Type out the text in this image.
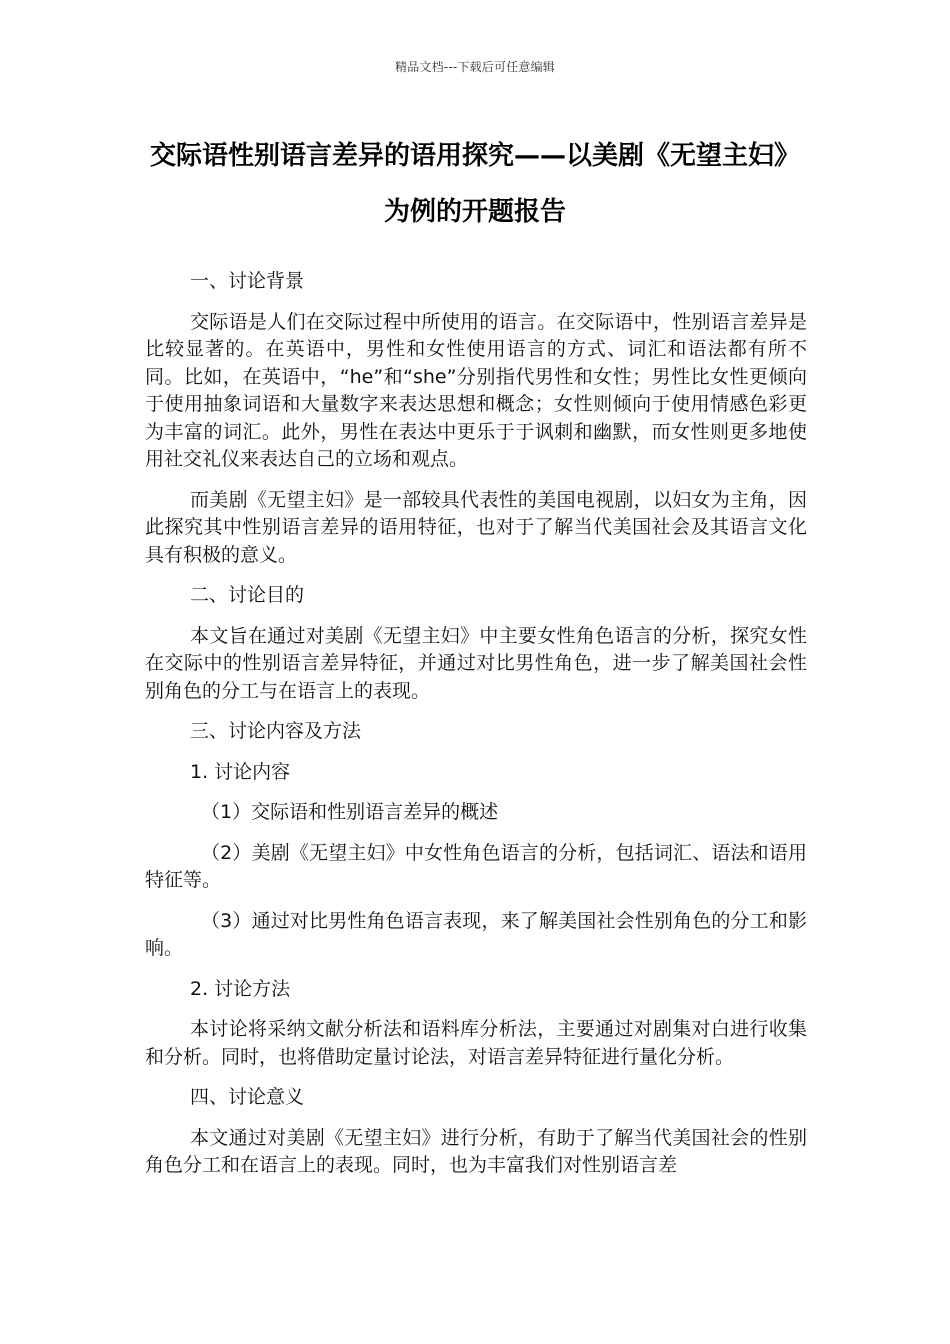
精品文档---下载后可任意编辑
交际语性别语言差异的语用探究——以美剧《无望主妇》为例的开题报告

一、讨论背景

交际语是人们在交际过程中所使用的语言。在交际语中，性别语言差异是比较显著的。在英语中，男性和女性使用语言的方式、词汇和语法都有所不同。比如，在英语中，“he”和“she”分别指代男性和女性；男性比女性更倾向于使用抽象词语和大量数字来表达思想和概念；女性则倾向于使用情感色彩更为丰富的词汇。此外，男性在表达中更乐于于讽刺和幽默，而女性则更多地使用社交礼仪来表达自己的立场和观点。

而美剧《无望主妇》是一部较具代表性的美国电视剧，以妇女为主角，因此探究其中性别语言差异的语用特征，也对于了解当代美国社会及其语言文化具有积极的意义。

二、讨论目的

本文旨在通过对美剧《无望主妇》中主要女性角色语言的分析，探究女性在交际中的性别语言差异特征，并通过对比男性角色，进一步了解美国社会性别角色的分工与在语言上的表现。

三、讨论内容及方法

1. 讨论内容

（1）交际语和性别语言差异的概述

（2）美剧《无望主妇》中女性角色语言的分析，包括词汇、语法和语用特征等。

（3）通过对比男性角色语言表现，来了解美国社会性别角色的分工和影响。

2. 讨论方法

本讨论将采纳文献分析法和语料库分析法，主要通过对剧集对白进行收集和分析。同时，也将借助定量讨论法，对语言差异特征进行量化分析。

四、讨论意义

本文通过对美剧《无望主妇》进行分析，有助于了解当代美国社会的性别角色分工和在语言上的表现。同时，也为丰富我们对性别语言差
